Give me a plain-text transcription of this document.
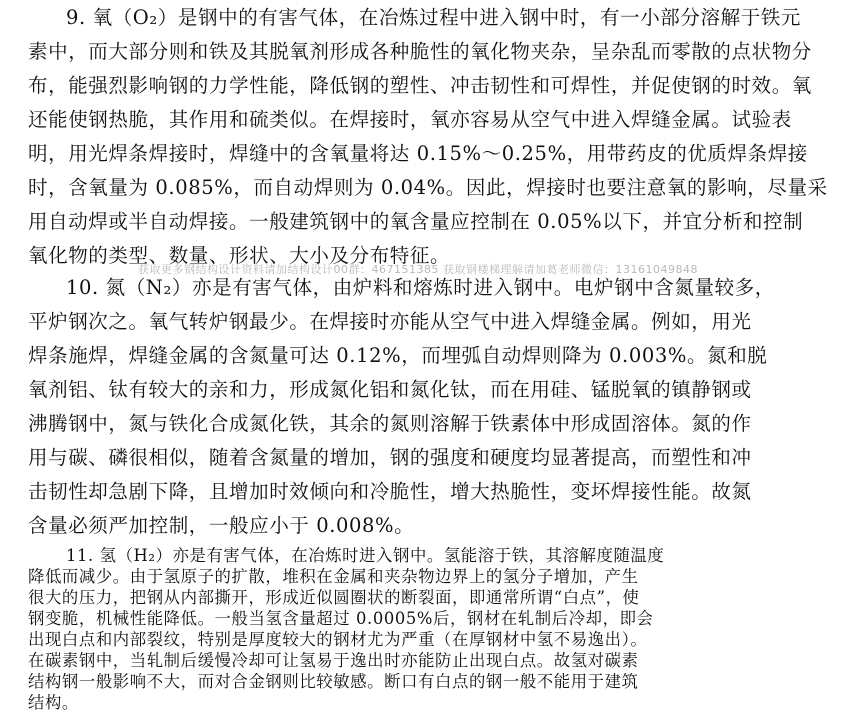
9. 氧（O₂）是钢中的有害气体，在冶炼过程中进入钢中时，有一小部分溶解于铁元
素中，而大部分则和铁及其脱氧剂形成各种脆性的氧化物夹杂，呈杂乱而零散的点状物分
布，能强烈影响钢的力学性能，降低钢的塑性、冲击韧性和可焊性，并促使钢的时效。氧
还能使钢热脆，其作用和硫类似。在焊接时，氧亦容易从空气中进入焊缝金属。试验表
明，用光焊条焊接时，焊缝中的含氧量将达 0.15%～0.25%，用带药皮的优质焊条焊接
时，含氧量为 0.085%，而自动焊则为 0.04%。因此，焊接时也要注意氧的影响，尽量采
用自动焊或半自动焊接。一般建筑钢中的氧含量应控制在 0.05%以下，并宜分析和控制
氧化物的类型、数量、形状、大小及分布特征。
10. 氮（N₂）亦是有害气体，由炉料和熔炼时进入钢中。电炉钢中含氮量较多，
平炉钢次之。氧气转炉钢最少。在焊接时亦能从空气中进入焊缝金属。例如，用光
焊条施焊，焊缝金属的含氮量可达 0.12%，而埋弧自动焊则降为 0.003%。氮和脱
氧剂铝、钛有较大的亲和力，形成氮化铝和氮化钛，而在用硅、锰脱氧的镇静钢或
沸腾钢中，氮与铁化合成氮化铁，其余的氮则溶解于铁素体中形成固溶体。氮的作
用与碳、磷很相似，随着含氮量的增加，钢的强度和硬度均显著提高，而塑性和冲
击韧性却急剧下降，且增加时效倾向和冷脆性，增大热脆性，变坏焊接性能。故氮
含量必须严加控制，一般应小于 0.008%。
获取更多钢结构设计资料请加结构设计00群：467151385 获取钢楼梯理解请加葛老师微信：13161049848
11. 氢（H₂）亦是有害气体，在冶炼时进入钢中。氢能溶于铁，其溶解度随温度
降低而减少。由于氢原子的扩散，堆积在金属和夹杂物边界上的氢分子增加，产生
很大的压力，把钢从内部撕开，形成近似圆圈状的断裂面，即通常所谓“白点”，使
钢变脆，机械性能降低。一般当氢含量超过 0.0005%后，钢材在轧制后冷却，即会
出现白点和内部裂纹，特别是厚度较大的钢材尤为严重（在厚钢材中氢不易逸出）。
在碳素钢中，当轧制后缓慢冷却可让氢易于逸出时亦能防止出现白点。故氢对碳素
结构钢一般影响不大，而对合金钢则比较敏感。断口有白点的钢一般不能用于建筑
结构。
